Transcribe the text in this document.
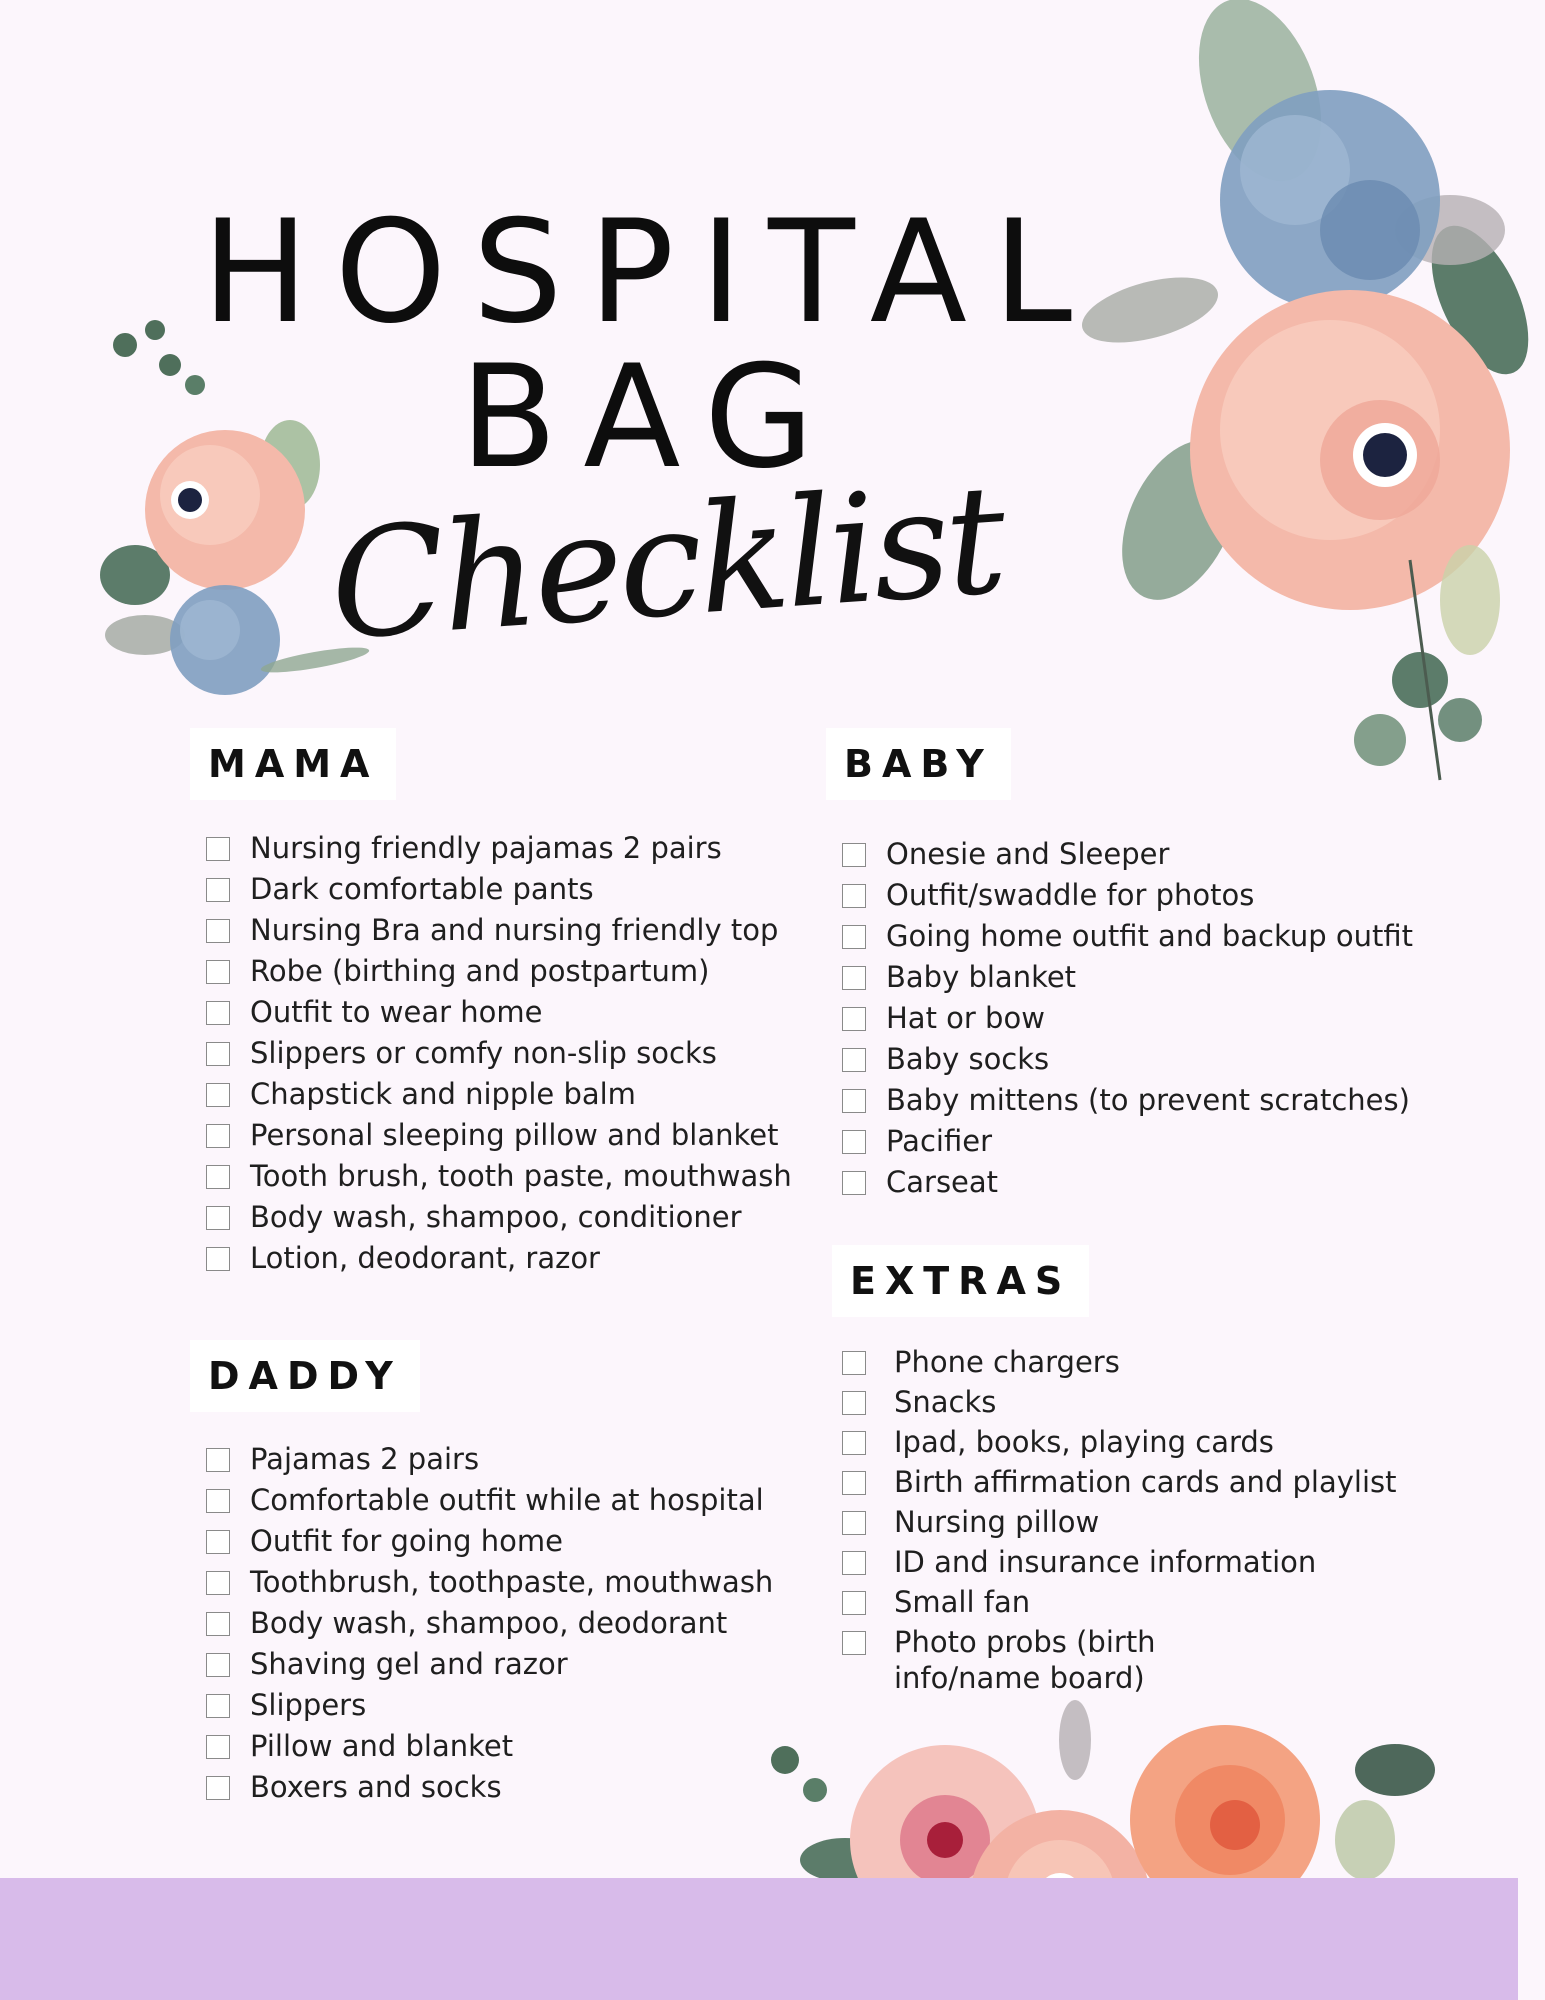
HOSPITAL
BAG
Checklist
MAMA
Nursing friendly pajamas 2 pairs
Dark comfortable pants
Nursing Bra and nursing friendly top
Robe (birthing and postpartum)
Outfit to wear home
Slippers or comfy non-slip socks
Chapstick and nipple balm
Personal sleeping pillow and blanket
Tooth brush, tooth paste, mouthwash
Body wash, shampoo, conditioner
Lotion, deodorant, razor
BABY
Onesie and Sleeper
Outfit/swaddle for photos
Going home outfit and backup outfit
Baby blanket
Hat or bow
Baby socks
Baby mittens (to prevent scratches)
Pacifier
Carseat
DADDY
Pajamas 2 pairs
Comfortable outfit while at hospital
Outfit for going home
Toothbrush, toothpaste, mouthwash
Body wash, shampoo, deodorant
Shaving gel and razor
Slippers
Pillow and blanket
Boxers and socks
EXTRAS
Phone chargers
Snacks
Ipad, books, playing cards
Birth affirmation cards and playlist
Nursing pillow
ID and insurance information
Small fan
Photo probs (birth info/name board)
